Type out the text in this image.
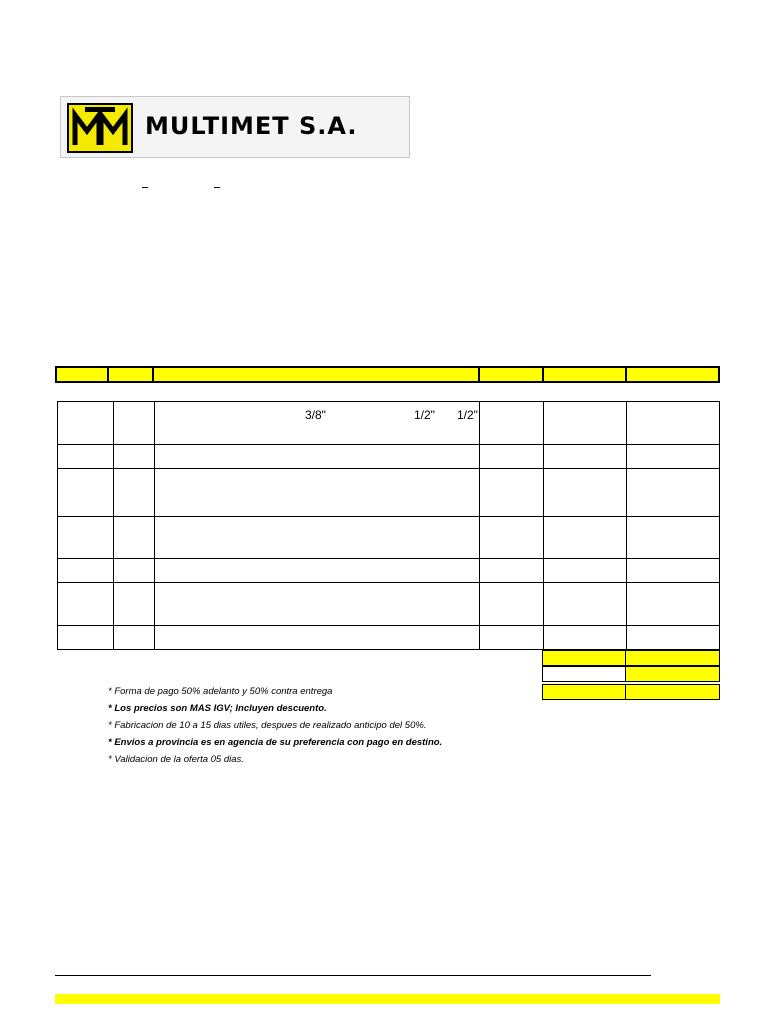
MULTIMET S.A.
3/8"	1/2" 1/2"
* Forma de pago 50% adelanto y 50% contra entrega
* Los precios son MAS IGV; Incluyen descuento.
* Fabricacion de 10 a 15 dias utiles, despues de realizado anticipo del 50%.
* Envios a provincia es en agencia de su preferencia con pago en destino.
* Validacion de la oferta 05 dias.
